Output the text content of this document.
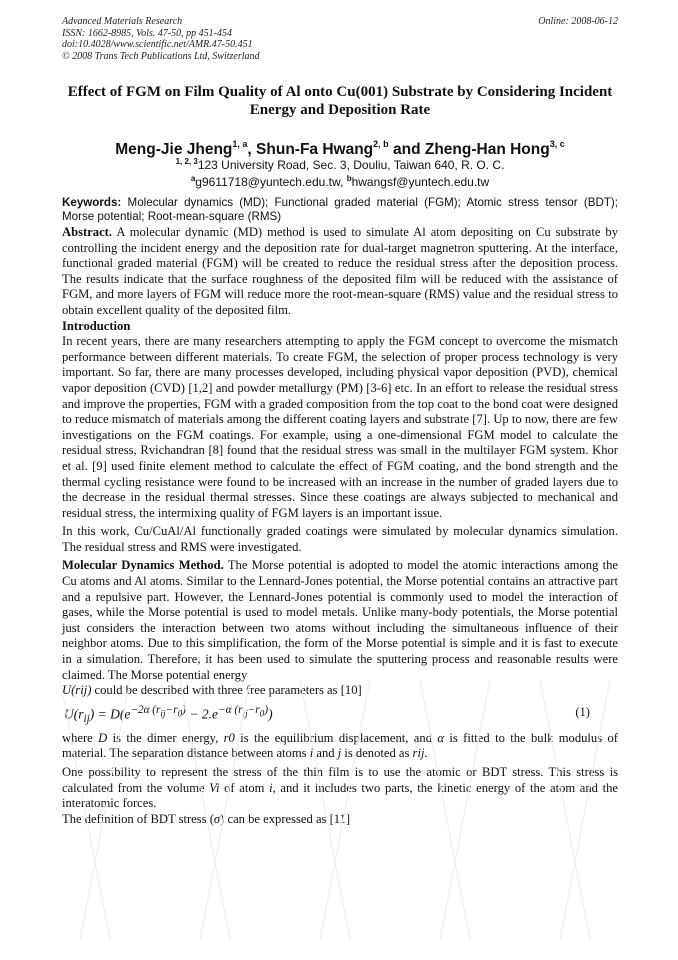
Advanced Materials Research
ISSN: 1662-8985, Vols. 47-50, pp 451-454
doi:10.4028/www.scientific.net/AMR.47-50.451
© 2008 Trans Tech Publications Ltd, Switzerland
Online: 2008-06-12
Effect of FGM on Film Quality of Al onto Cu(001) Substrate by Considering Incident Energy and Deposition Rate
Meng-Jie Jheng$^{1, a}$, Shun-Fa Hwang$^{2, b}$ and Zheng-Han Hong$^{3, c}$
$^{1, 2, 3}$123 University Road, Sec. 3, Douliu, Taiwan 640, R. O. C.
$^a$g9611718@yuntech.edu.tw, $^b$hwangsf@yuntech.edu.tw

Keywords: Molecular dynamics (MD); Functional graded material (FGM); Atomic stress tensor (BDT); Morse potential; Root-mean-square (RMS)

Abstract. A molecular dynamic (MD) method is used to simulate Al atom depositing on Cu substrate by controlling the incident energy and the deposition rate for dual-target magnetron sputtering. At the interface, functional graded material (FGM) will be created to reduce the residual stress after the deposition process. The results indicate that the surface roughness of the deposited film will be reduced with the assistance of FGM, and more layers of FGM will reduce more the root-mean-square (RMS) value and the residual stress to obtain excellent quality of the deposited film.

Introduction

In recent years, there are many researchers attempting to apply the FGM concept to overcome the mismatch performance between different materials. To create FGM, the selection of proper process technology is very important. So far, there are many processes developed, including physical vapor deposition (PVD), chemical vapor deposition (CVD) [1,2] and powder metallurgy (PM) [3-6] etc. In an effort to release the residual stress and improve the properties, FGM with a graded composition from the top coat to the bond coat were designed to reduce mismatch of materials among the different coating layers and substrate [7]. Up to now, there are few investigations on the FGM coatings. For example, using a one-dimensional FGM model to calculate the residual stress, Rvichandran [8] found that the residual stress was small in the multilayer FGM system. Khor et al. [9] used finite element method to calculate the effect of FGM coating, and the bond strength and the thermal cycling resistance were found to be increased with an increase in the number of graded layers due to the decrease in the residual thermal stresses. Since these coatings are always subjected to mechanical and residual stress, the intermixing quality of FGM layers is an important issue.

In this work, Cu/CuAl/Al functionally graded coatings were simulated by molecular dynamics simulation. The residual stress and RMS were investigated.

Molecular Dynamics Method. The Morse potential is adopted to model the atomic interactions among the Cu atoms and Al atoms. Similar to the Lennard-Jones potential, the Morse potential contains an attractive part and a repulsive part. However, the Lennard-Jones potential is commonly used to model the interaction of gases, while the Morse potential is used to model metals. Unlike many-body potentials, the Morse potential just considers the interaction between two atoms without including the simultaneous influence of their neighbor atoms. Due to this simplification, the form of the Morse potential is simple and it is fast to execute in a simulation. Therefore, it has been used to simulate the sputtering process and reasonable results were claimed. The Morse potential energy
U(rij) could be described with three free parameters as [10]

$U(r_{ij}) = D(e^{-2\alpha (r_{ij}-r_0)} - 2.e^{-\alpha (r_{ij}-r_0)})$	(1)

where D is the dimer energy, r0 is the equilibrium displacement, and α is fitted to the bulk modulus of material. The separation distance between atoms i and j is denoted as rij.

One possibility to represent the stress of the thin film is to use the atomic or BDT stress. This stress is calculated from the volume Vi of atom i, and it includes two parts, the kinetic energy of the atom and the interatomic forces.

The definition of BDT stress (σ) can be expressed as [11]
